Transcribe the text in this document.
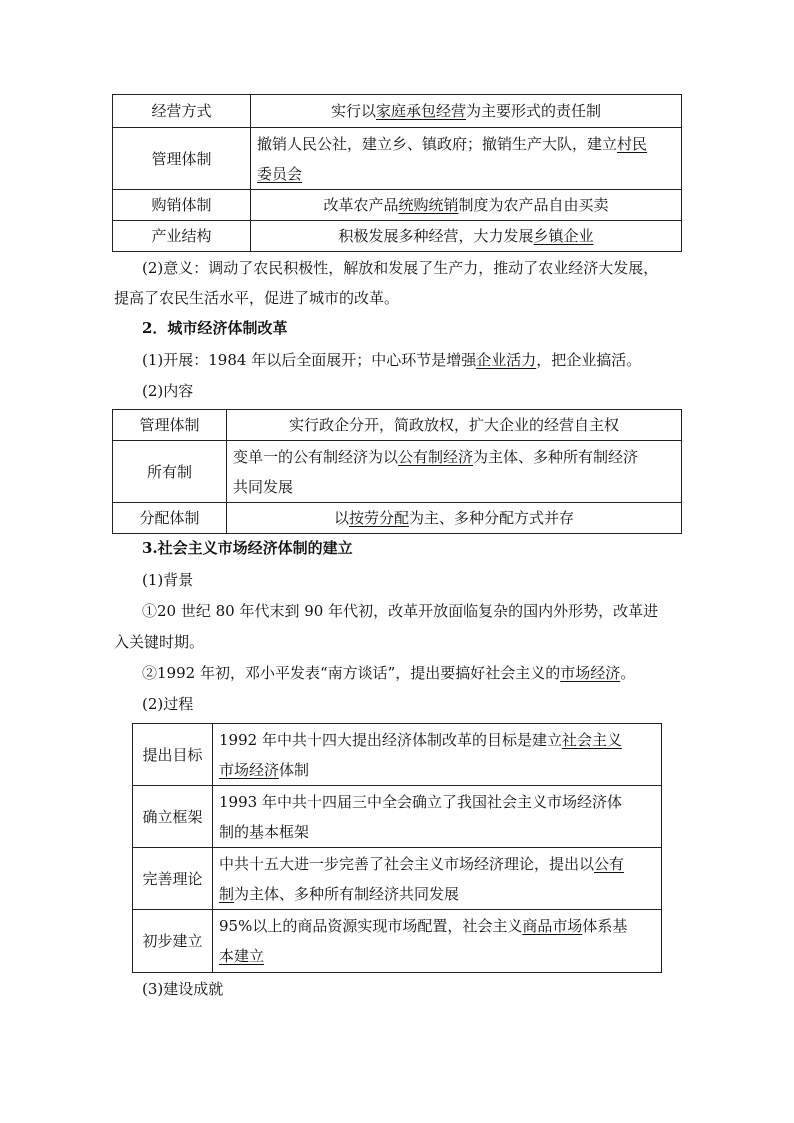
经营方式	实行以家庭承包经营为主要形式的责任制
管理体制	撤销人民公社，建立乡、镇政府；撤销生产大队，建立村民
委员会
购销体制	改革农产品统购统销制度为农产品自由买卖
产业结构	积极发展多种经营，大力发展乡镇企业
(2)意义：调动了农民积极性，解放和发展了生产力，推动了农业经济大发展，
提高了农民生活水平，促进了城市的改革。
2．城市经济体制改革
(1)开展：1984 年以后全面展开；中心环节是增强企业活力，把企业搞活。
(2)内容
管理体制	实行政企分开，简政放权，扩大企业的经营自主权
所有制	变单一的公有制经济为以公有制经济为主体、多种所有制经济
共同发展
分配体制	以按劳分配为主、多种分配方式并存
3.社会主义市场经济体制的建立
(1)背景
①20 世纪 80 年代末到 90 年代初，改革开放面临复杂的国内外形势，改革进
入关键时期。
②1992 年初，邓小平发表“南方谈话”，提出要搞好社会主义的市场经济。
(2)过程
提出目标	1992 年中共十四大提出经济体制改革的目标是建立社会主义
市场经济体制
确立框架	1993 年中共十四届三中全会确立了我国社会主义市场经济体
制的基本框架
完善理论	中共十五大进一步完善了社会主义市场经济理论，提出以公有
制为主体、多种所有制经济共同发展
初步建立	95%以上的商品资源实现市场配置，社会主义商品市场体系基
本建立
(3)建设成就
